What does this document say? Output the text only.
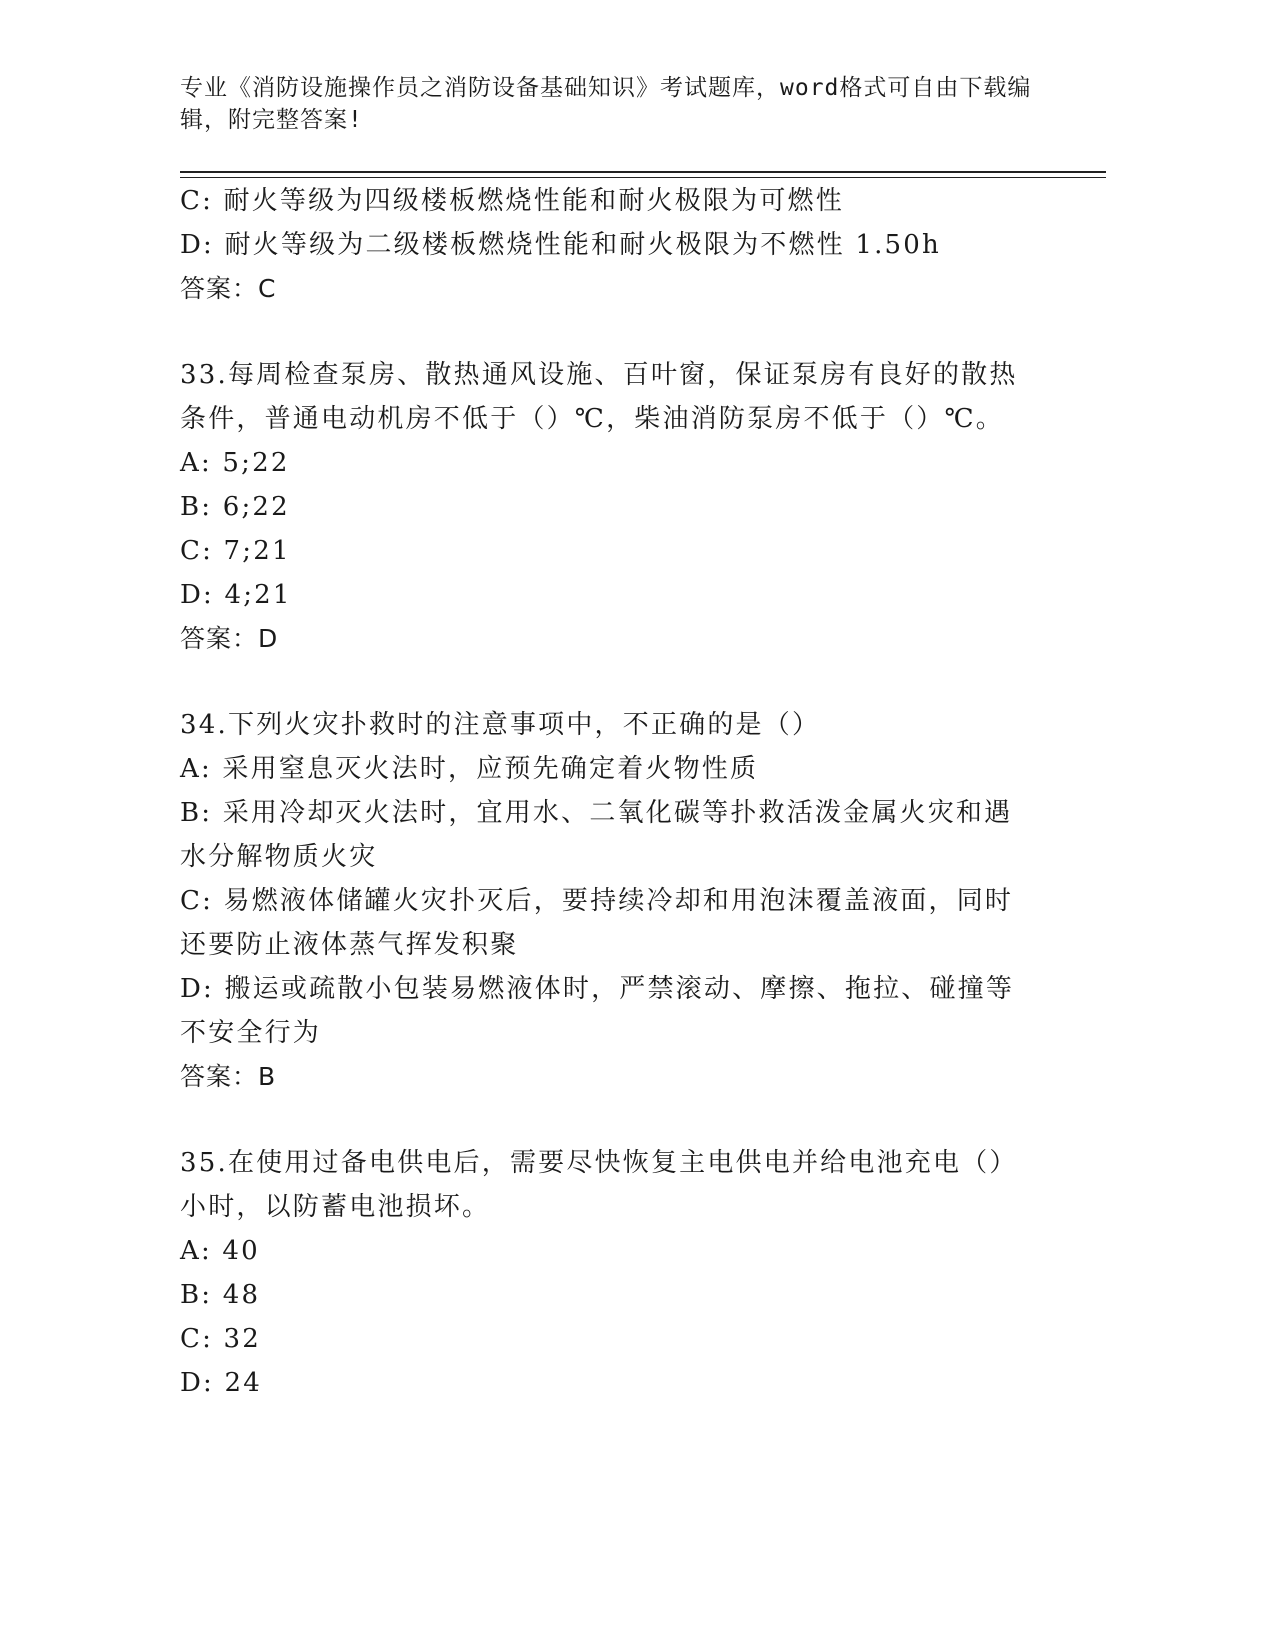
专业《消防设施操作员之消防设备基础知识》考试题库，word格式可自由下载编辑，附完整答案!
C: 耐火等级为四级楼板燃烧性能和耐火极限为可燃性
D: 耐火等级为二级楼板燃烧性能和耐火极限为不燃性 1.50h
答案：C
33.每周检查泵房、散热通风设施、百叶窗，保证泵房有良好的散热条件，普通电动机房不低于（）℃，柴油消防泵房不低于（）℃。
A: 5;22
B: 6;22
C: 7;21
D: 4;21
答案：D
34.下列火灾扑救时的注意事项中，不正确的是（）
A: 采用窒息灭火法时，应预先确定着火物性质
B: 采用冷却灭火法时，宜用水、二氧化碳等扑救活泼金属火灾和遇水分解物质火灾
C: 易燃液体储罐火灾扑灭后，要持续冷却和用泡沫覆盖液面，同时还要防止液体蒸气挥发积聚
D: 搬运或疏散小包装易燃液体时，严禁滚动、摩擦、拖拉、碰撞等不安全行为
答案：B
35.在使用过备电供电后，需要尽快恢复主电供电并给电池充电（）小时，以防蓄电池损坏。
A: 40
B: 48
C: 32
D: 24
